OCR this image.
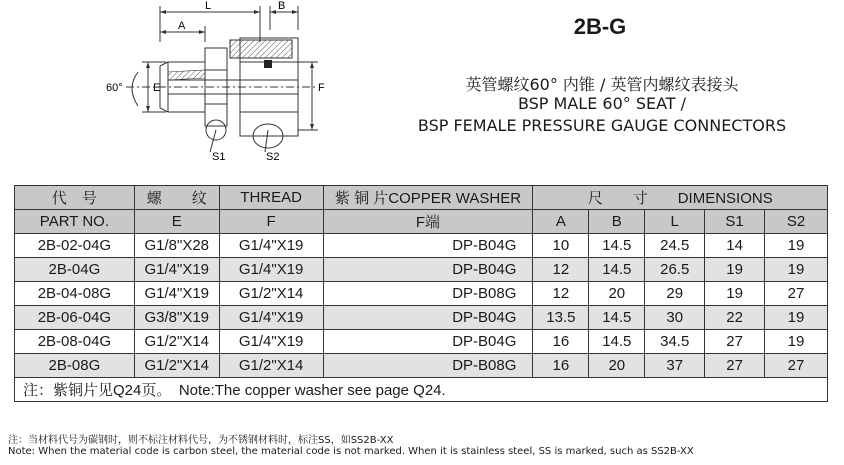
L
A
B
E	F
60°
S1	S2
2B-G
英管螺纹60° 内锥 / 英管内螺纹表接头
BSP MALE 60° SEAT /
BSP FEMALE PRESSURE GAUGE CONNECTORS
代　号	螺　　纹	THREAD	紫 铜 片COPPER WASHER	尺　　寸　　 DIMENSIONS				
PART NO.	E	F	F端	A	B	L	S1	S2
2B-02-04G	G1/8"X28	G1/4"X19	DP-B04G	10	14.5	24.5	14	19
2B-04G	G1/4"X19	G1/4"X19	DP-B04G	12	14.5	26.5	19	19
2B-04-08G	G1/4"X19	G1/2"X14	DP-B08G	12	20	29	19	27
2B-06-04G	G3/8"X19	G1/4"X19	DP-B04G	13.5	14.5	30	22	19
2B-08-04G	G1/2"X14	G1/4"X19	DP-B04G	16	14.5	34.5	27	19
2B-08G	G1/2"X14	G1/2"X14	DP-B08G	16	20	37	27	27
注：紫铜片见Q24页。　Note:The copper washer see page Q24.								
注：当材料代号为碳钢时，则不标注材料代号，为不锈钢材料时，标注SS，如SS2B-XX
Note: When the material code is carbon steel, the material code is not marked. When it is stainless steel, SS is marked, such as SS2B-XX
